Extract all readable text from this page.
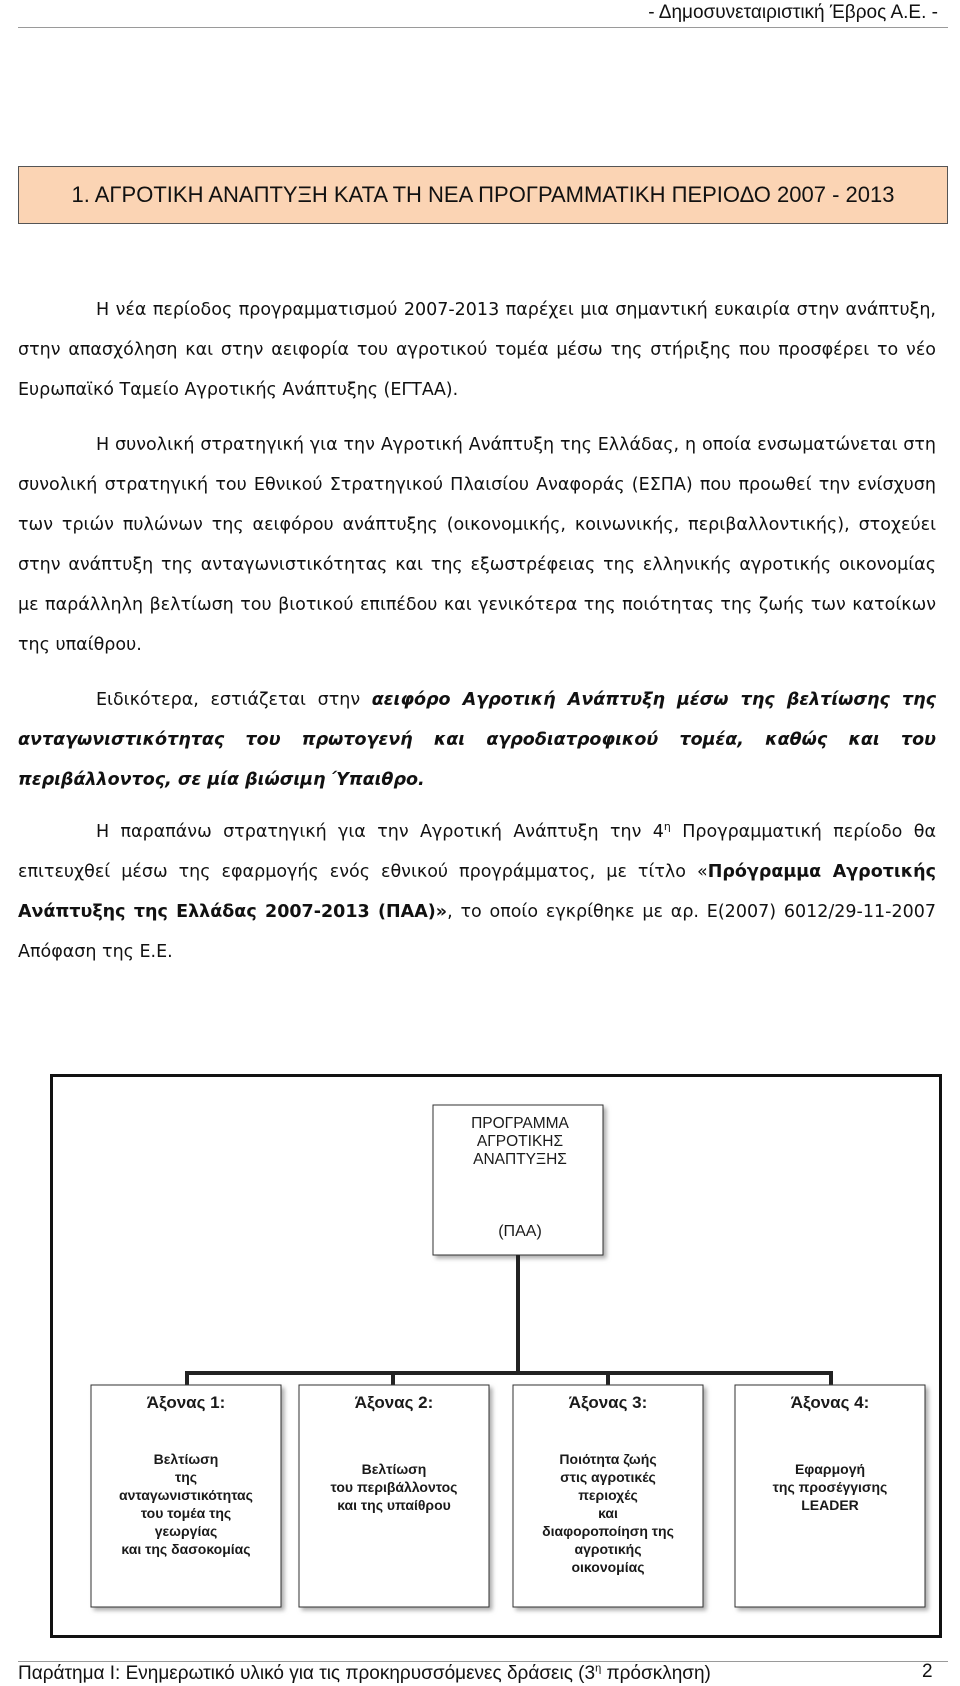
- Δημοσυνεταιριστική Έβρος Α.Ε. -
1. ΑΓΡΟΤΙΚΗ ΑΝΑΠΤΥΞΗ ΚΑΤΑ ΤΗ ΝΕΑ ΠΡΟΓΡΑΜΜΑΤΙΚΗ ΠΕΡΙΟΔΟ 2007 - 2013
Η νέα περίοδος προγραμματισμού 2007-2013 παρέχει μια σημαντική ευκαιρία στην ανάπτυξη, στην απασχόληση και στην αειφορία του αγροτικού τομέα μέσω της στήριξης που προσφέρει το νέο Ευρωπαϊκό Ταμείο Αγροτικής Ανάπτυξης (ΕΓΤΑΑ).
Η συνολική στρατηγική για την Αγροτική Ανάπτυξη της Ελλάδας, η οποία ενσωματώνεται στη συνολική στρατηγική του Εθνικού Στρατηγικού Πλαισίου Αναφοράς (ΕΣΠΑ) που προωθεί την ενίσχυση των τριών πυλώνων της αειφόρου ανάπτυξης (οικονομικής, κοινωνικής, περιβαλλοντικής), στοχεύει στην ανάπτυξη της ανταγωνιστικότητας και της εξωστρέφειας της ελληνικής αγροτικής οικονομίας με παράλληλη βελτίωση του βιοτικού επιπέδου και γενικότερα της ποιότητας της ζωής των κατοίκων της υπαίθρου.
Ειδικότερα, εστιάζεται στην αειφόρο Αγροτική Ανάπτυξη μέσω της βελτίωσης της ανταγωνιστικότητας του πρωτογενή και αγροδιατροφικού τομέα, καθώς και του περιβάλλοντος, σε μία βιώσιμη Ύπαιθρο.
Η παραπάνω στρατηγική για την Αγροτική Ανάπτυξη την $4^\eta$ Προγραμματική περίοδο θα επιτευχθεί μέσω της εφαρμογής ενός εθνικού προγράμματος, με τίτλο «Πρόγραμμα Αγροτικής Ανάπτυξης της Ελλάδας 2007-2013 (ΠΑΑ)», το οποίο εγκρίθηκε με αρ. Ε(2007) 6012/29-11-2007 Απόφαση της Ε.Ε.
ΠΡΟΓΡΑΜΜΑ
ΑΓΡΟΤΙΚΗΣ
ΑΝΑΠΤΥΞΗΣ
(ΠΑΑ)
Άξονας 1:	Άξονας 2:	Άξονας 3:	Άξονας 4:
Βελτίωση
της
ανταγωνιστικότητας
του τομέα της
γεωργίας
και της δασοκομίας
Βελτίωση
του περιβάλλοντος
και της υπαίθρου
Ποιότητα ζωής
στις αγροτικές
περιοχές
και
διαφοροποίηση της
αγροτικής
οικονομίας
Εφαρμογή
της προσέγγισης
LEADER
Παράτημα Ι: Ενημερωτικό υλικό για τις προκηρυσσόμενες δράσεις ($3^\eta$ πρόσκληση)	2
